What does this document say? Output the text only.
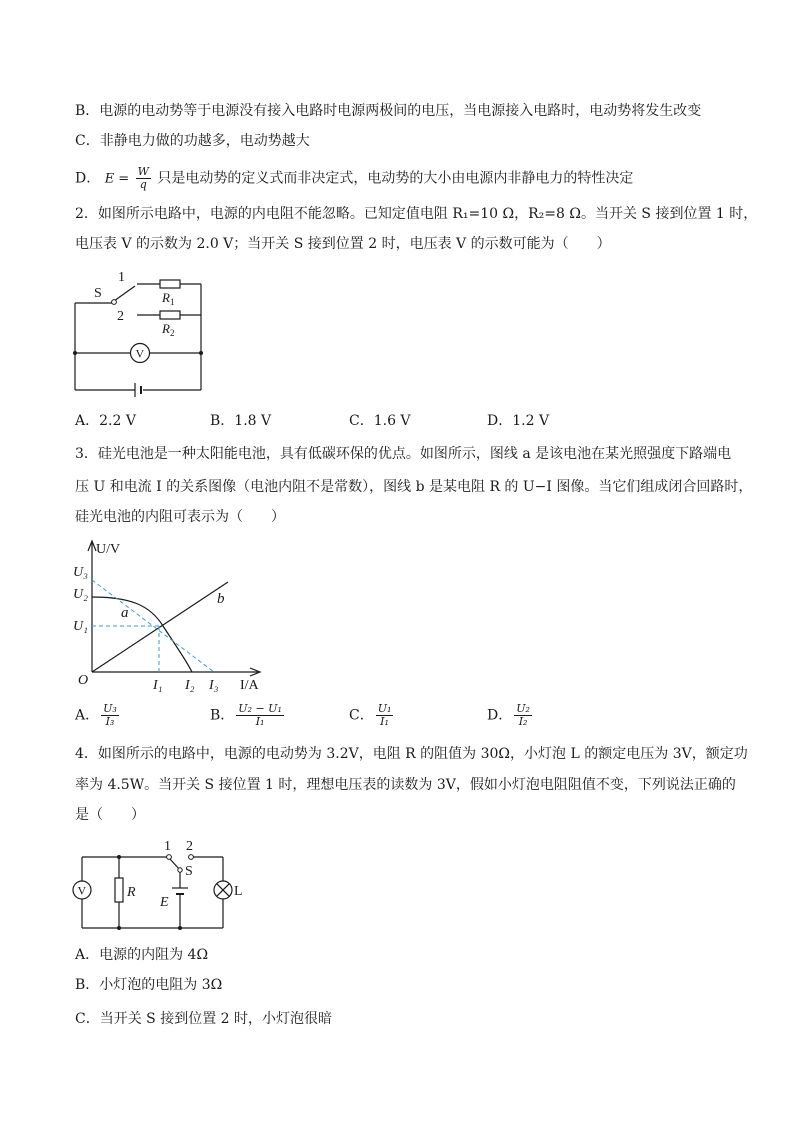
B．电源的电动势等于电源没有接入电路时电源两极间的电压，当电源接入电路时，电动势将发生改变
C．非静电力做的功越多，电动势越大
D． $E = \frac{W}{q}$ 只是电动势的定义式而非决定式，电动势的大小由电源内非静电力的特性决定
2．如图所示电路中，电源的内电阻不能忽略。已知定值电阻 R₁=10 Ω，R₂=8 Ω。当开关 S 接到位置 1 时，
电压表 V 的示数为 2.0 V；当开关 S 接到位置 2 时，电压表 V 的示数可能为（　　）
S
1
2
$R_1$
$R_2$
V
A．2.2 V	B．1.8 V	C．1.6 V	D．1.2 V
3．硅光电池是一种太阳能电池，具有低碳环保的优点。如图所示，图线 a 是该电池在某光照强度下路端电
压 U 和电流 I 的关系图像（电池内阻不是常数），图线 b 是某电阻 R 的 U−I 图像。当它们组成闭合回路时，
硅光电池的内阻可表示为（　　）
U/V
I/A
O
U₃
U₂
U₁
I₁ I₂ I₃
a
b
A． $\frac{\text{U₃}}{\text{I₃}}$	B． $\frac{\text{U₂ − U₁}}{\text{I₁}}$	C． $\frac{\text{U₁}}{\text{I₁}}$	D． $\frac{\text{U₂}}{\text{I₂}}$
4．如图所示的电路中，电源的电动势为 3.2V，电阻 R 的阻值为 30Ω，小灯泡 L 的额定电压为 3V，额定功
率为 4.5W。当开关 S 接位置 1 时，理想电压表的读数为 3V，假如小灯泡电阻阻值不变，下列说法正确的
是（　　）
1 2
S
R
E
L
V
A．电源的内阻为 4Ω
B．小灯泡的电阻为 3Ω
C．当开关 S 接到位置 2 时，小灯泡很暗
